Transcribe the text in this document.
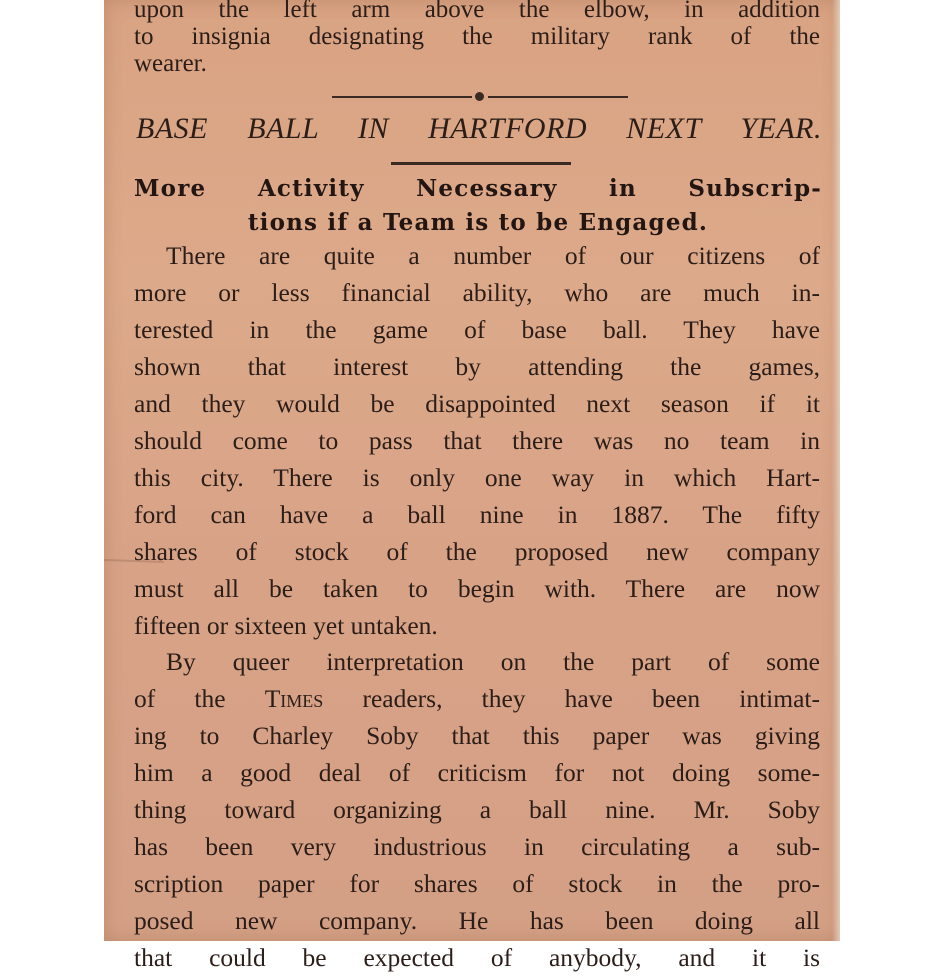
upon the left arm above the elbow, in addition
to insignia designating the military rank of the
wearer.
BASE BALL IN HARTFORD NEXT YEAR.
More Activity Necessary in Subscrip-
tions if a Team is to be Engaged.
There are quite a number of our citizens of
more or less financial ability, who are much in-
terested in the game of base ball. They have
shown that interest by attending the games,
and they would be disappointed next season if it
should come to pass that there was no team in
this city. There is only one way in which Hart-
ford can have a ball nine in 1887. The fifty
shares of stock of the proposed new company
must all be taken to begin with. There are now
fifteen or sixteen yet untaken.
By queer interpretation on the part of some
of the Times readers, they have been intimat-
ing to Charley Soby that this paper was giving
him a good deal of criticism for not doing some-
thing toward organizing a ball nine. Mr. Soby
has been very industrious in circulating a sub-
scription paper for shares of stock in the pro-
posed new company. He has been doing all
that could be expected of anybody, and it is
